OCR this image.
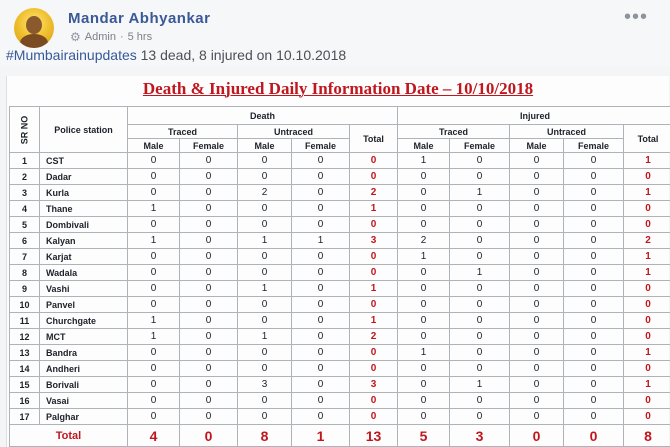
Mandar Abhyankar
⚙ Admin · 5 hrs
•••
#Mumbairainupdates 13 dead, 8 injured on 10.10.2018
Death & Injured Daily Information Date – 10/10/2018
SR NO	Police station	Death					Injured				
		Traced		Untraced		Total	Traced		Untraced		Total
		Male	Female	Male	Female		Male	Female	Male	Female	
1	CST	0	0	0	0	0	1	0	0	0	1
2	Dadar	0	0	0	0	0	0	0	0	0	0
3	Kurla	0	0	2	0	2	0	1	0	0	1
4	Thane	1	0	0	0	1	0	0	0	0	0
5	Dombivali	0	0	0	0	0	0	0	0	0	0
6	Kalyan	1	0	1	1	3	2	0	0	0	2
7	Karjat	0	0	0	0	0	1	0	0	0	1
8	Wadala	0	0	0	0	0	0	1	0	0	1
9	Vashi	0	0	1	0	1	0	0	0	0	0
10	Panvel	0	0	0	0	0	0	0	0	0	0
11	Churchgate	1	0	0	0	1	0	0	0	0	0
12	MCT	1	0	1	0	2	0	0	0	0	0
13	Bandra	0	0	0	0	0	1	0	0	0	1
14	Andheri	0	0	0	0	0	0	0	0	0	0
15	Borivali	0	0	3	0	3	0	1	0	0	1
16	Vasai	0	0	0	0	0	0	0	0	0	0
17	Palghar	0	0	0	0	0	0	0	0	0	0
Total		4	0	8	1	13	5	3	0	0	8
